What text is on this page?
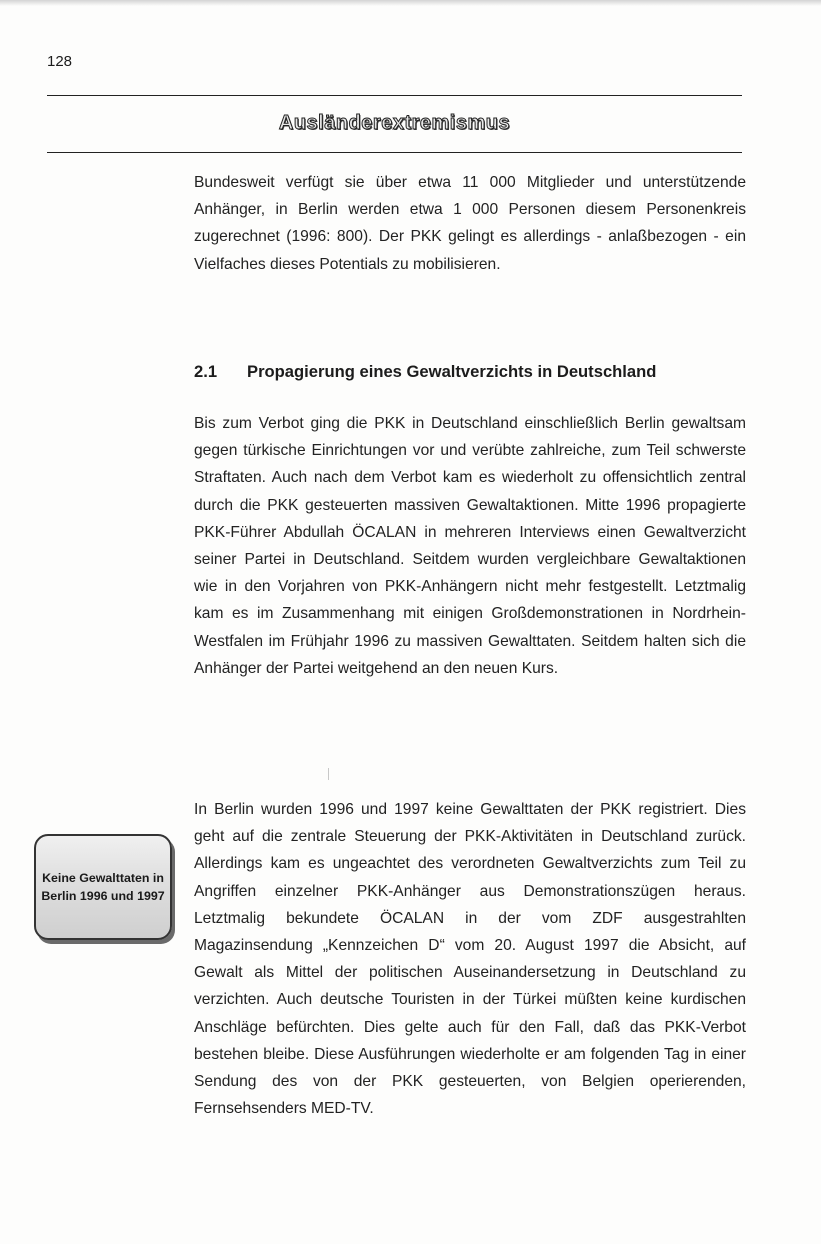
128
Ausländerextremismus

Bundesweit verfügt sie über etwa 11 000 Mitglieder und unterstützende Anhänger, in Berlin werden etwa 1 000 Personen diesem Personenkreis zugerechnet (1996: 800). Der PKK gelingt es allerdings - anlaßbezogen - ein Vielfaches dieses Potentials zu mobilisieren.

2.1 Propagierung eines Gewaltverzichts in Deutschland

Bis zum Verbot ging die PKK in Deutschland einschließlich Berlin gewaltsam gegen türkische Einrichtungen vor und verübte zahlreiche, zum Teil schwerste Straftaten. Auch nach dem Verbot kam es wiederholt zu offensichtlich zentral durch die PKK gesteuerten massiven Gewaltaktionen. Mitte 1996 propagierte PKK-Führer Abdullah ÖCALAN in mehreren Interviews einen Gewaltverzicht seiner Partei in Deutschland. Seitdem wurden vergleichbare Gewaltaktionen wie in den Vorjahren von PKK-Anhängern nicht mehr festgestellt. Letztmalig kam es im Zusammenhang mit einigen Großdemonstrationen in Nordrhein-Westfalen im Frühjahr 1996 zu massiven Gewalttaten. Seitdem halten sich die Anhänger der Partei weitgehend an den neuen Kurs.

Keine Gewalttaten in Berlin 1996 und 1997

In Berlin wurden 1996 und 1997 keine Gewalttaten der PKK registriert. Dies geht auf die zentrale Steuerung der PKK-Aktivitäten in Deutschland zurück. Allerdings kam es ungeachtet des verordneten Gewaltverzichts zum Teil zu Angriffen einzelner PKK-Anhänger aus Demonstrationszügen heraus. Letztmalig bekundete ÖCALAN in der vom ZDF ausgestrahlten Magazinsendung „Kennzeichen D“ vom 20. August 1997 die Absicht, auf Gewalt als Mittel der politischen Auseinandersetzung in Deutschland zu verzichten. Auch deutsche Touristen in der Türkei müßten keine kurdischen Anschläge befürchten. Dies gelte auch für den Fall, daß das PKK-Verbot bestehen bleibe. Diese Ausführungen wiederholte er am folgenden Tag in einer Sendung des von der PKK gesteuerten, von Belgien operierenden, Fernsehsenders MED-TV.
